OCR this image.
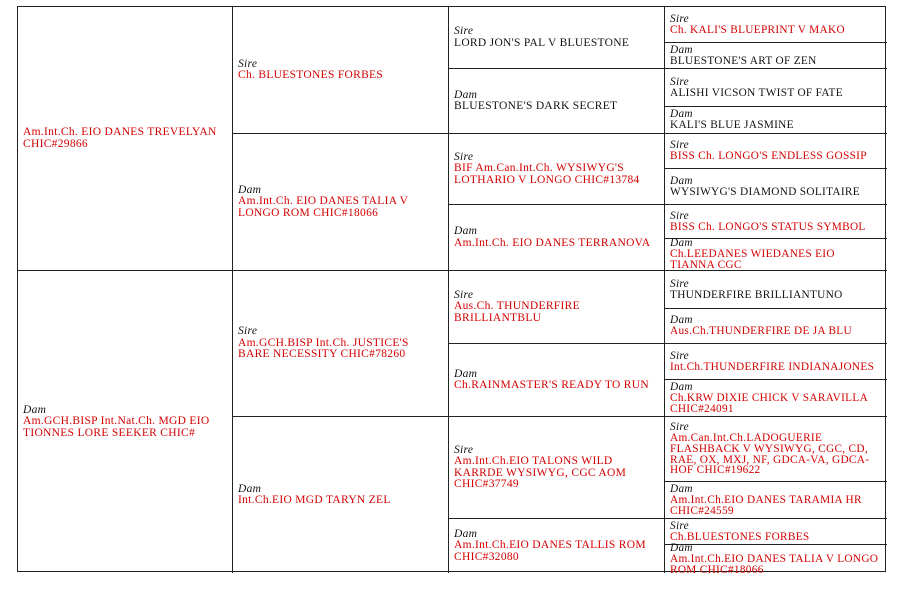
Am.Int.Ch. EIO DANES TREVELYAN CHIC#29866
Dam
Am.GCH.BISP Int.Nat.Ch. MGD EIO TIONNES LORE SEEKER CHIC#
Sire
Ch. BLUESTONES FORBES
Dam
Am.Int.Ch. EIO DANES TALIA V LONGO ROM CHIC#18066
Sire
Am.GCH.BISP Int.Ch. JUSTICE'S BARE NECESSITY CHIC#78260
Dam
Int.Ch.EIO MGD TARYN ZEL
Sire
LORD JON'S PAL V BLUESTONE
Dam
BLUESTONE'S DARK SECRET
Sire
BIF Am.Can.Int.Ch. WYSIWYG'S LOTHARIO V LONGO CHIC#13784
Dam
Am.Int.Ch. EIO DANES TERRANOVA
Sire
Aus.Ch. THUNDERFIRE BRILLIANTBLU
Dam
Ch.RAINMASTER'S READY TO RUN
Sire
Am.Int.Ch.EIO TALONS WILD KARRDE WYSIWYG, CGC AOM CHIC#37749
Dam
Am.Int.Ch.EIO DANES TALLIS ROM CHIC#32080
Sire
Ch. KALI'S BLUEPRINT V MAKO
Dam
BLUESTONE'S ART OF ZEN
Sire
ALISHI VICSON TWIST OF FATE
Dam
KALI'S BLUE JASMINE
Sire
BISS Ch. LONGO'S ENDLESS GOSSIP
Dam
WYSIWYG'S DIAMOND SOLITAIRE
Sire
BISS Ch. LONGO'S STATUS SYMBOL
Dam
Ch.LEEDANES WIEDANES EIO TIANNA CGC
Sire
THUNDERFIRE BRILLIANTUNO
Dam
Aus.Ch.THUNDERFIRE DE JA BLU
Sire
Int.Ch.THUNDERFIRE INDIANAJONES
Dam
Ch.KRW DIXIE CHICK V SARAVILLA CHIC#24091
Sire
Am.Can.Int.Ch.LADOGUERIE FLASHBACK V WYSIWYG, CGC, CD, RAE, OX, MXJ, NF, GDCA-VA, GDCA-HOF CHIC#19622
Dam
Am.Int.Ch.EIO DANES TARAMIA HR CHIC#24559
Sire
Ch.BLUESTONES FORBES
Dam
Am.Int.Ch.EIO DANES TALIA V LONGO ROM CHIC#18066
